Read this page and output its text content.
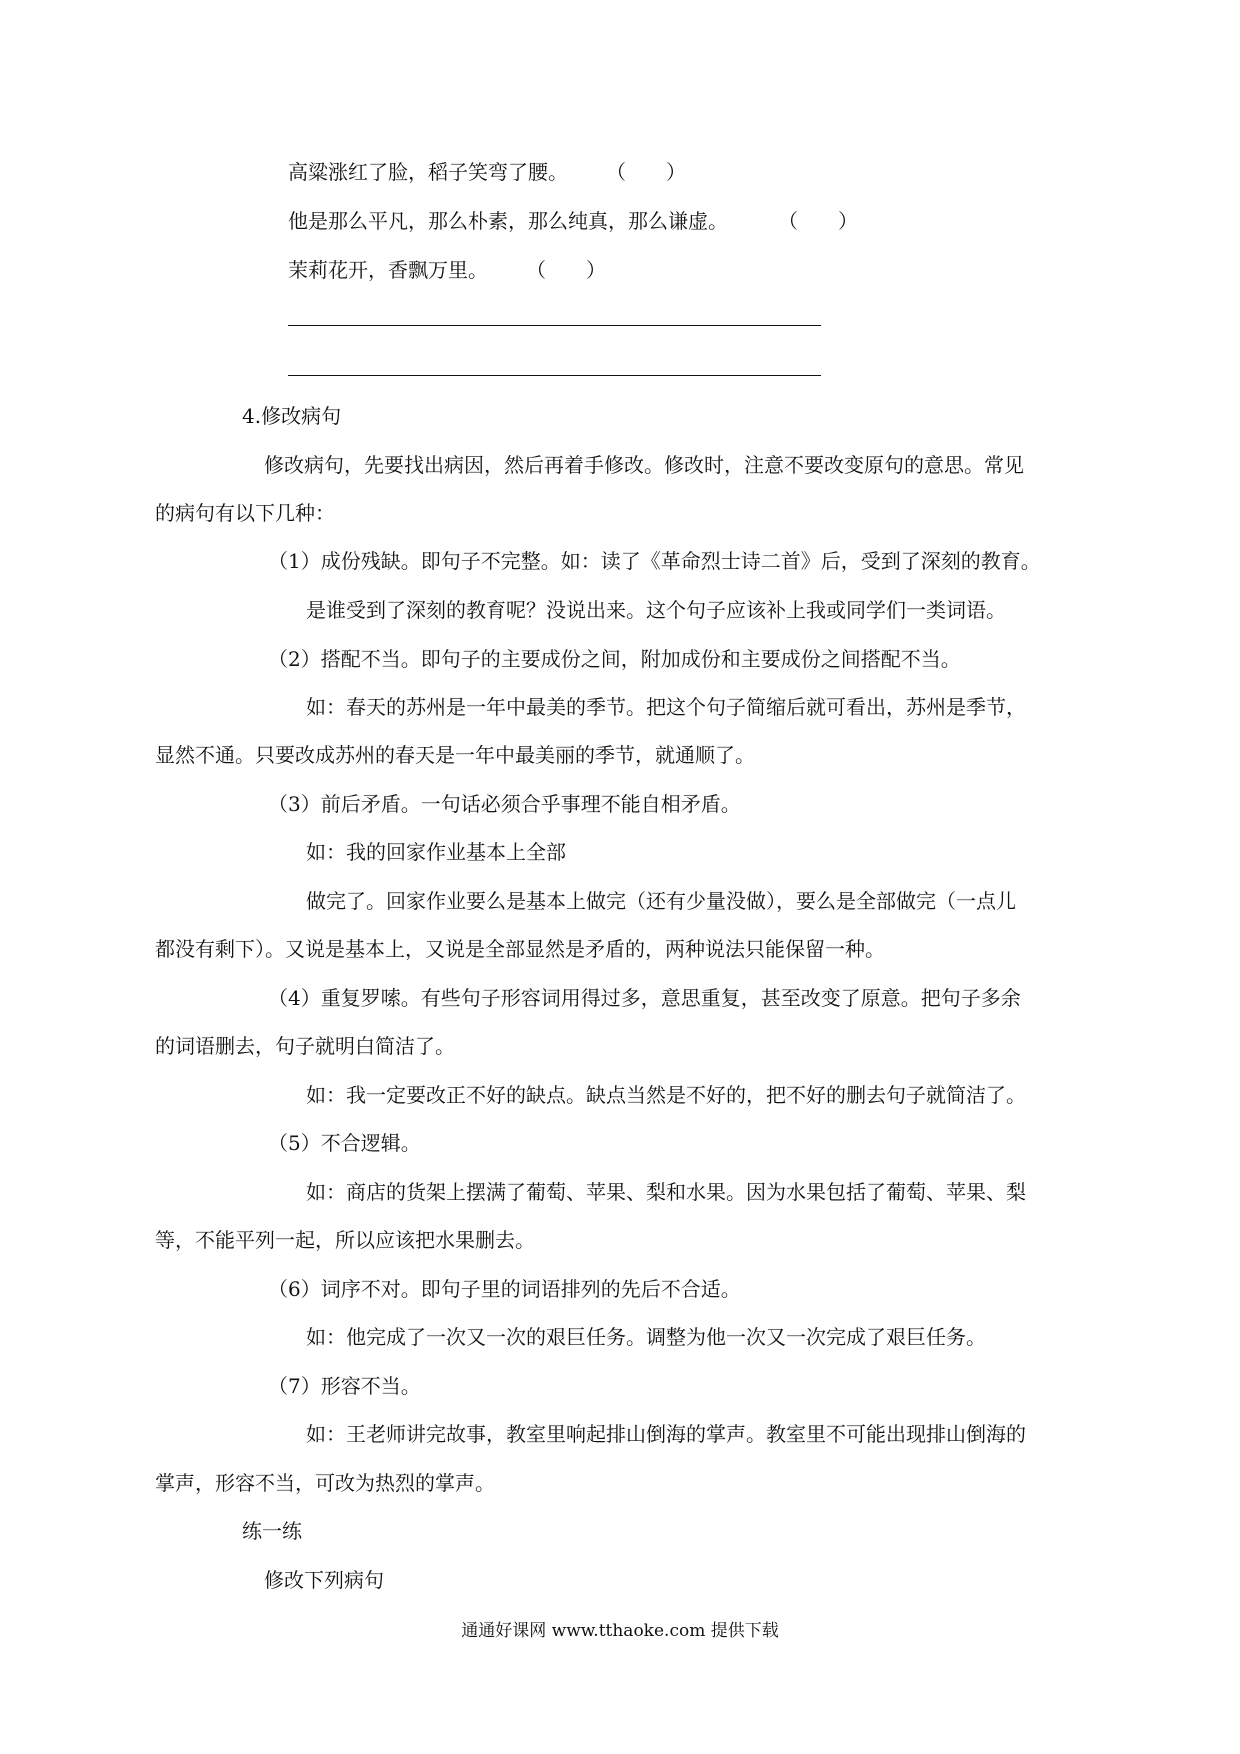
高粱涨红了脸，稻子笑弯了腰。 （　　）
他是那么平凡，那么朴素，那么纯真，那么谦虚。	（　　）
茉莉花开，香飘万里。 （　　）
4.修改病句
修改病句，先要找出病因，然后再着手修改。修改时，注意不要改变原句的意思。常见
的病句有以下几种：
（1）成份残缺。即句子不完整。如：读了《革命烈士诗二首》后，受到了深刻的教育。
是谁受到了深刻的教育呢？没说出来。这个句子应该补上我或同学们一类词语。
（2）搭配不当。即句子的主要成份之间，附加成份和主要成份之间搭配不当。
如：春天的苏州是一年中最美的季节。把这个句子简缩后就可看出，苏州是季节，
显然不通。只要改成苏州的春天是一年中最美丽的季节，就通顺了。
（3）前后矛盾。一句话必须合乎事理不能自相矛盾。
如：我的回家作业基本上全部
做完了。回家作业要么是基本上做完（还有少量没做），要么是全部做完（一点儿
都没有剩下）。又说是基本上，又说是全部显然是矛盾的，两种说法只能保留一种。
（4）重复罗嗦。有些句子形容词用得过多，意思重复，甚至改变了原意。把句子多余
的词语删去，句子就明白简洁了。
如：我一定要改正不好的缺点。缺点当然是不好的，把不好的删去句子就简洁了。
（5）不合逻辑。
如：商店的货架上摆满了葡萄、苹果、梨和水果。因为水果包括了葡萄、苹果、梨
等，不能平列一起，所以应该把水果删去。
（6）词序不对。即句子里的词语排列的先后不合适。
如：他完成了一次又一次的艰巨任务。调整为他一次又一次完成了艰巨任务。
（7）形容不当。
如：王老师讲完故事，教室里响起排山倒海的掌声。教室里不可能出现排山倒海的
掌声，形容不当，可改为热烈的掌声。
练一练
修改下列病句
通通好课网 www.tthaoke.com 提供下载
